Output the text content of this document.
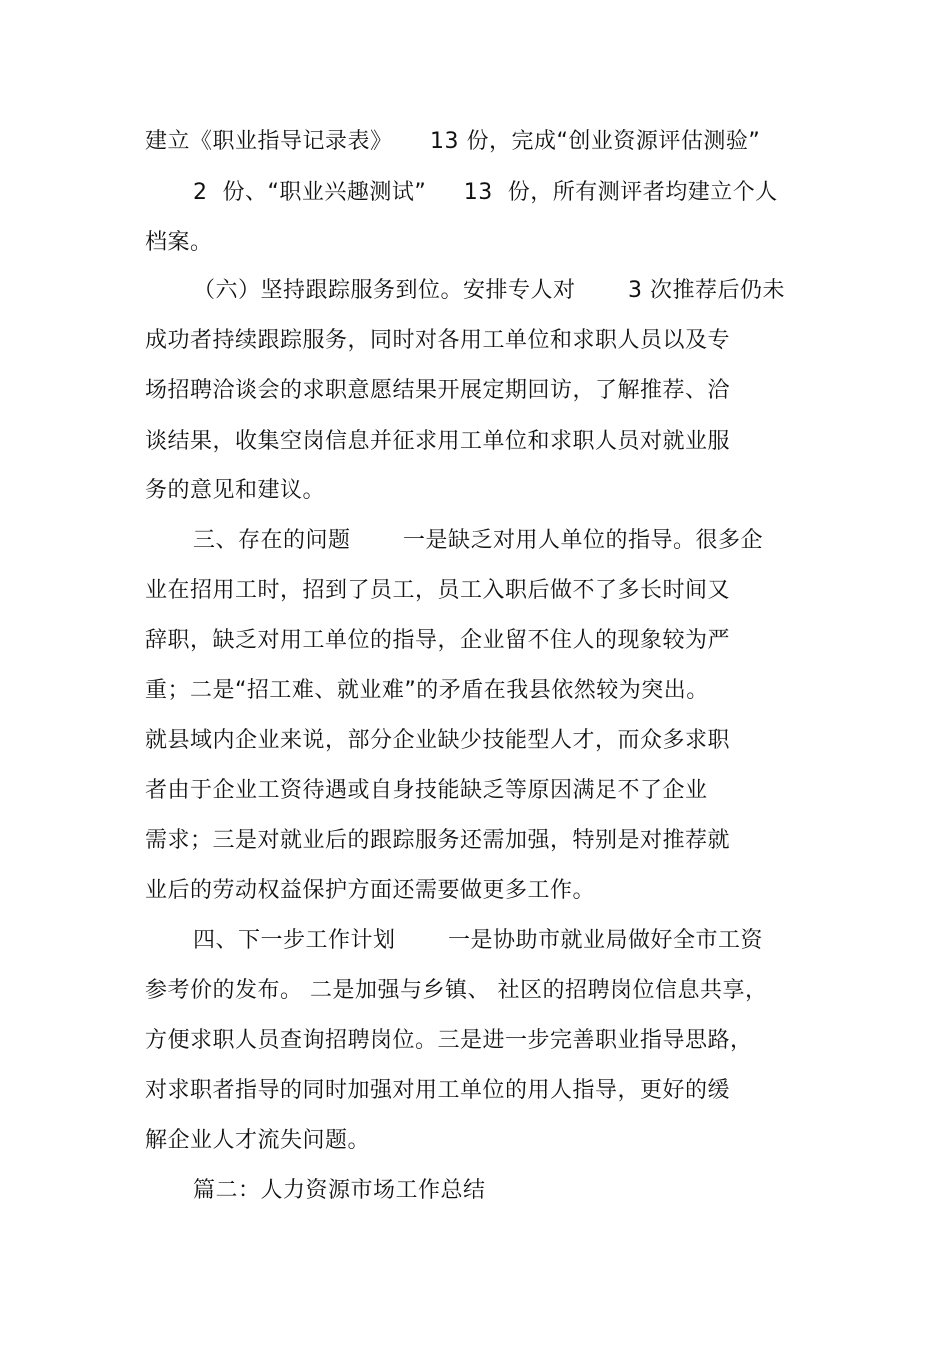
建立《职业指导记录表》     13 份，完成“创业资源评估测验”
2  份、“职业兴趣测试”     13  份，所有测评者均建立个人
档案。
（六）坚持跟踪服务到位。安排专人对       3 次推荐后仍未
成功者持续跟踪服务，同时对各用工单位和求职人员以及专
场招聘洽谈会的求职意愿结果开展定期回访，了解推荐、洽
谈结果，收集空岗信息并征求用工单位和求职人员对就业服
务的意见和建议。
三、存在的问题       一是缺乏对用人单位的指导。很多企
业在招用工时，招到了员工，员工入职后做不了多长时间又
辞职，缺乏对用工单位的指导，企业留不住人的现象较为严
重；二是“招工难、就业难”的矛盾在我县依然较为突出。
就县域内企业来说，部分企业缺少技能型人才，而众多求职
者由于企业工资待遇或自身技能缺乏等原因满足不了企业
需求；三是对就业后的跟踪服务还需加强，特别是对推荐就
业后的劳动权益保护方面还需要做更多工作。
四、下一步工作计划       一是协助市就业局做好全市工资
参考价的发布。 二是加强与乡镇、 社区的招聘岗位信息共享，
方便求职人员查询招聘岗位。三是进一步完善职业指导思路，
对求职者指导的同时加强对用工单位的用人指导，更好的缓
解企业人才流失问题。
篇二：人力资源市场工作总结
